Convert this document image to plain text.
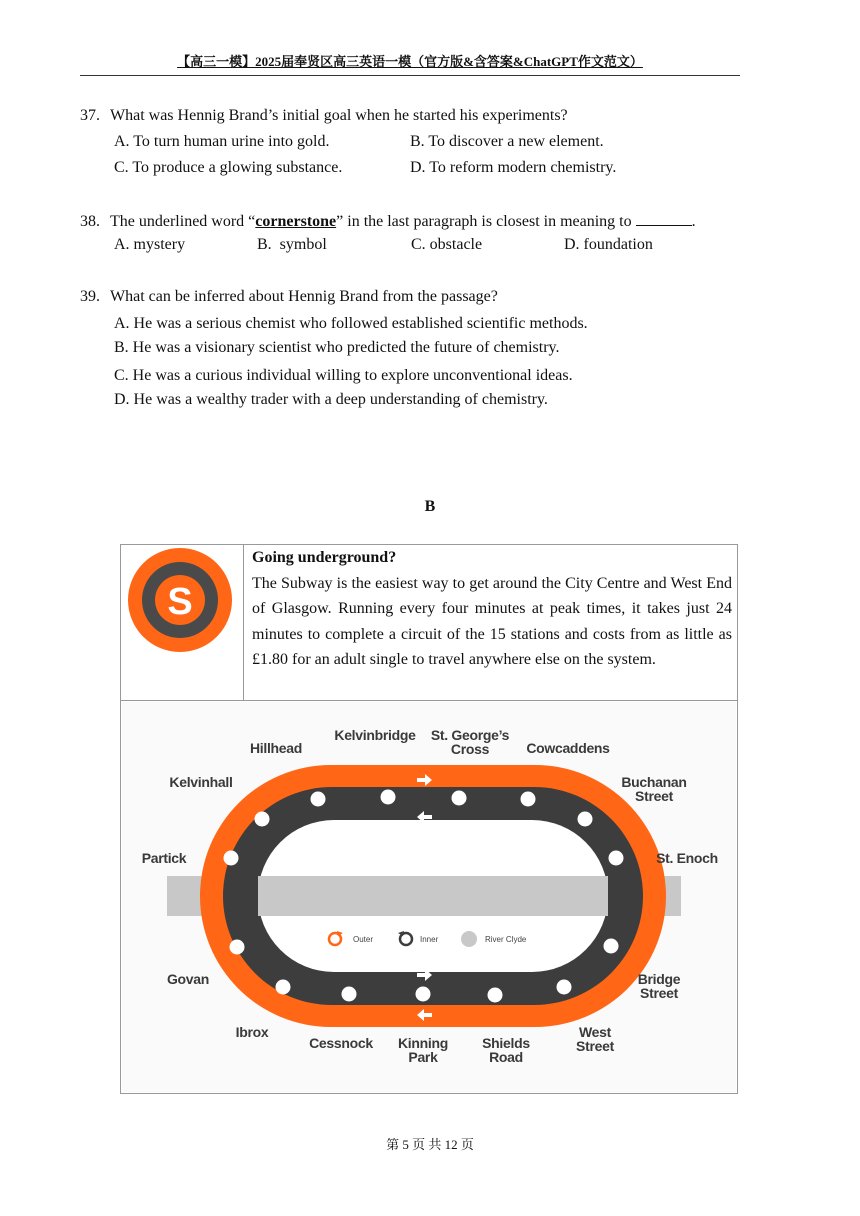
【高三一模】2025届奉贤区高三英语一模（官方版&含答案&ChatGPT作文范文）
37. What was Hennig Brand’s initial goal when he started his experiments?
A. To turn human urine into gold.	B. To discover a new element.
C. To produce a glowing substance.	D. To reform modern chemistry.
38. The underlined word “cornerstone” in the last paragraph is closest in meaning to	.
A. mystery	B.  symbol	C. obstacle	D. foundation
39. What can be inferred about Hennig Brand from the passage?
A. He was a serious chemist who followed established scientific methods.
B. He was a visionary scientist who predicted the future of chemistry.
C. He was a curious individual willing to explore unconventional ideas.
D. He was a wealthy trader with a deep understanding of chemistry.
B
S
Going underground?
The Subway is the easiest way to get around the City Centre and West End of Glasgow. Running every four minutes at peak times, it takes just 24 minutes to complete a circuit of the 15 stations and costs from as little as £1.80 for an adult single to travel anywhere else on the system.
Outer	Inner	River Clyde
Hillhead
Kelvinbridge St. George’s
Cross	Cowcaddens
Kelvinhall	Buchanan
Street
Partick	St. Enoch
Govan	Bridge
Street
Ibrox
Cessnock Kinning
Park
Shields
Road
West
Street
第 5 页 共 12 页
